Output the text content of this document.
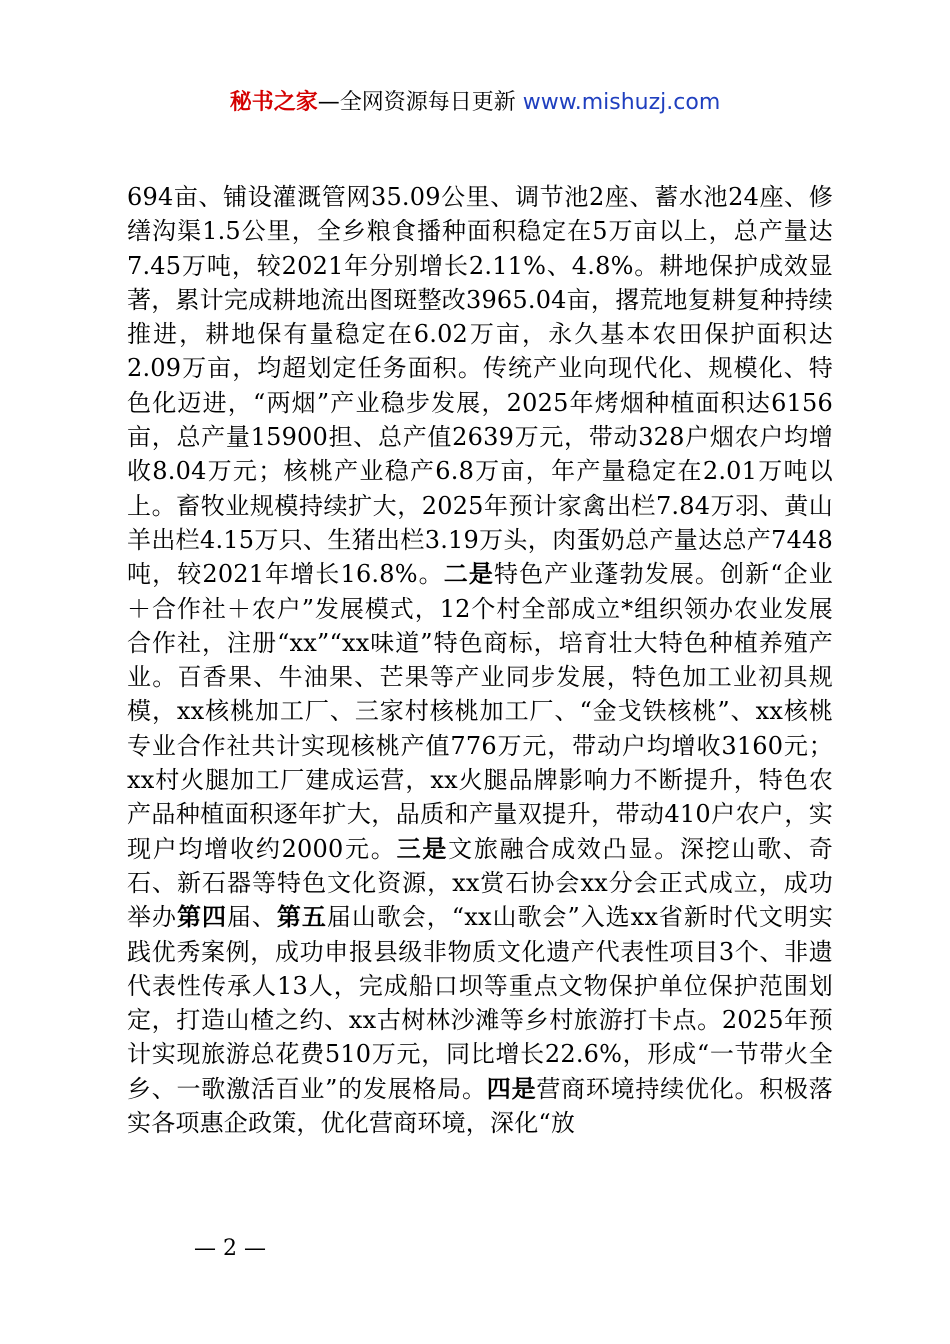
秘书之家—全网资源每日更新 www.mishuzj.com

694亩、铺设灌溉管网35.09公里、调节池2座、蓄水池24座、修缮沟渠1.5公里，全乡粮食播种面积稳定在5万亩以上，总产量达7.45万吨，较2021年分别增长2.11%、4.8%。耕地保护成效显著，累计完成耕地流出图斑整改3965.04亩，撂荒地复耕复种持续推进，耕地保有量稳定在6.02万亩，永久基本农田保护面积达2.09万亩，均超划定任务面积。传统产业向现代化、规模化、特色化迈进，“两烟”产业稳步发展，2025年烤烟种植面积达6156亩，总产量15900担、总产值2639万元，带动328户烟农户均增收8.04万元；核桃产业稳产6.8万亩，年产量稳定在2.01万吨以上。畜牧业规模持续扩大，2025年预计家禽出栏7.84万羽、黄山羊出栏4.15万只、生猪出栏3.19万头，肉蛋奶总产量达总产7448吨，较2021年增长16.8%。二是特色产业蓬勃发展。创新“企业＋合作社＋农户”发展模式，12个村全部成立*组织领办农业发展合作社，注册“xx”“xx味道”特色商标，培育壮大特色种植养殖产业。百香果、牛油果、芒果等产业同步发展，特色加工业初具规模，xx核桃加工厂、三家村核桃加工厂、“金戈铁核桃”、xx核桃专业合作社共计实现核桃产值776万元，带动户均增收3160元；xx村火腿加工厂建成运营，xx火腿品牌影响力不断提升，特色农产品种植面积逐年扩大，品质和产量双提升，带动410户农户，实现户均增收约2000元。三是文旅融合成效凸显。深挖山歌、奇石、新石器等特色文化资源，xx赏石协会xx分会正式成立，成功举办第四届、第五届山歌会，“xx山歌会”入选xx省新时代文明实践优秀案例，成功申报县级非物质文化遗产代表性项目3个、非遗代表性传承人13人，完成船口坝等重点文物保护单位保护范围划定，打造山楂之约、xx古树林沙滩等乡村旅游打卡点。2025年预计实现旅游总花费510万元，同比增长22.6%，形成“一节带火全乡、一歌激活百业”的发展格局。四是营商环境持续优化。积极落实各项惠企政策，优化营商环境，深化“放

— 2 —
